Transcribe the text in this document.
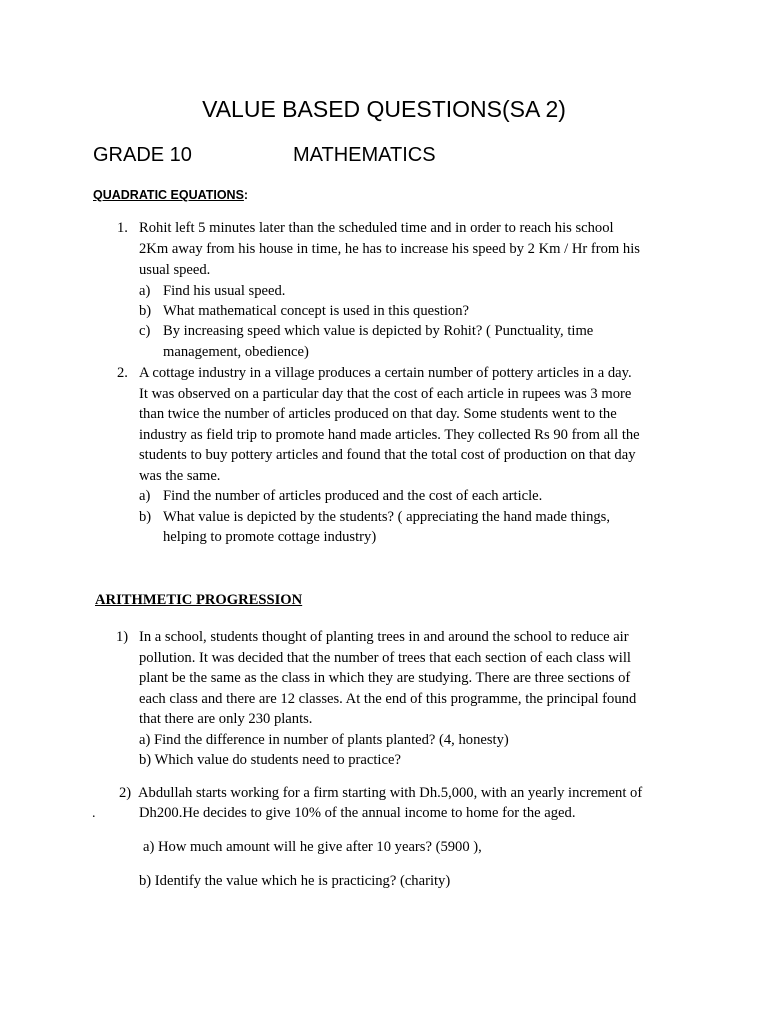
VALUE BASED QUESTIONS(SA 2)
GRADE 10	MATHEMATICS
QUADRATIC EQUATIONS:
1. Rohit left 5 minutes later than the scheduled time and in order to reach his school
2Km away from his house in time, he has to increase his speed by 2 Km / Hr from his
usual speed.
a) Find his usual speed.
b) What mathematical concept is used in this question?
c) By increasing speed which value is depicted by Rohit? ( Punctuality, time
management, obedience)
2. A cottage industry in a village produces a certain number of pottery articles in a day.
It was observed on a particular day that the cost of each article in rupees was 3 more
than twice the number of articles produced on that day. Some students went to the
industry as field trip to promote hand made articles. They collected Rs 90 from all the
students to buy pottery articles and found that the total cost of production on that day
was the same.
a) Find the number of articles produced and the cost of each article.
b) What value is depicted by the students? ( appreciating the hand made things,
helping to promote cottage industry)
ARITHMETIC PROGRESSION
1) In a school, students thought of planting trees in and around the school to reduce air
pollution. It was decided that the number of trees that each section of each class will
plant be the same as the class in which they are studying. There are three sections of
each class and there are 12 classes. At the end of this programme, the principal found
that there are only 230 plants.
a) Find the difference in number of plants planted? (4, honesty)
b) Which value do students need to practice?
2) Abdullah starts working for a firm starting with Dh.5,000, with an yearly increment of
.	Dh200.He decides to give 10% of the annual income to home for the aged.
a) How much amount will he give after 10 years? (5900 ),
b) Identify the value which he is practicing? (charity)
